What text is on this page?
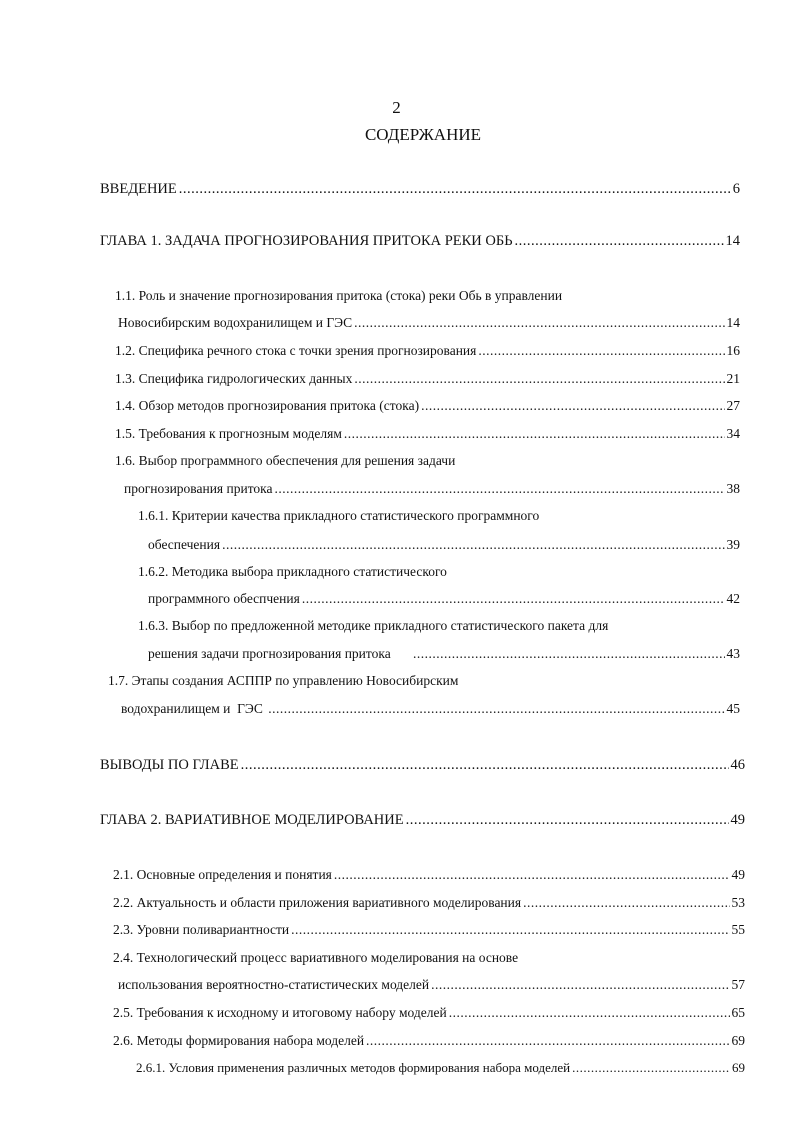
2
СОДЕРЖАНИЕ
ВВЕДЕНИЕ .....	6
ГЛАВА 1. ЗАДАЧА ПРОГНОЗИРОВАНИЯ ПРИТОКА РЕКИ ОБЬ .....	14
1.1. Роль и значение прогнозирования притока (стока) реки Обь в управлении
Новосибирским водохранилищем и ГЭС .....	14
1.2. Специфика речного стока с точки зрения прогнозирования .....	16
1.3. Специфика гидрологических данных .....	21
1.4. Обзор методов прогнозирования притока (стока) .....	27
1.5. Требования к прогнозным моделям .....	34
1.6. Выбор программного обеспечения для решения задачи
прогнозирования притока .....	38
1.6.1. Критерии качества прикладного статистического программного
обеспечения .....	39
1.6.2. Методика выбора прикладного статистического
программного обеспчения .....	42
1.6.3. Выбор по предложенной методике прикладного статистического пакета для
решения задачи прогнозирования притока .....	43
1.7. Этапы создания АСППР по управлению Новосибирским
водохранилищем и  ГЭС .....	45
ВЫВОДЫ ПО ГЛАВЕ .....	46
ГЛАВА 2. ВАРИАТИВНОЕ МОДЕЛИРОВАНИЕ .....	49
2.1. Основные определения и понятия .....	49
2.2. Актуальность и области приложения вариативного моделирования .....	53
2.3. Уровни поливариантности .....	55
2.4. Технологический процесс вариативного моделирования на основе
использования вероятностно-статистических моделей .....	57
2.5. Требования к исходному и итоговому набору моделей .....	65
2.6. Методы формирования набора моделей .....	69
2.6.1. Условия применения различных методов формирования набора моделей .....	69
